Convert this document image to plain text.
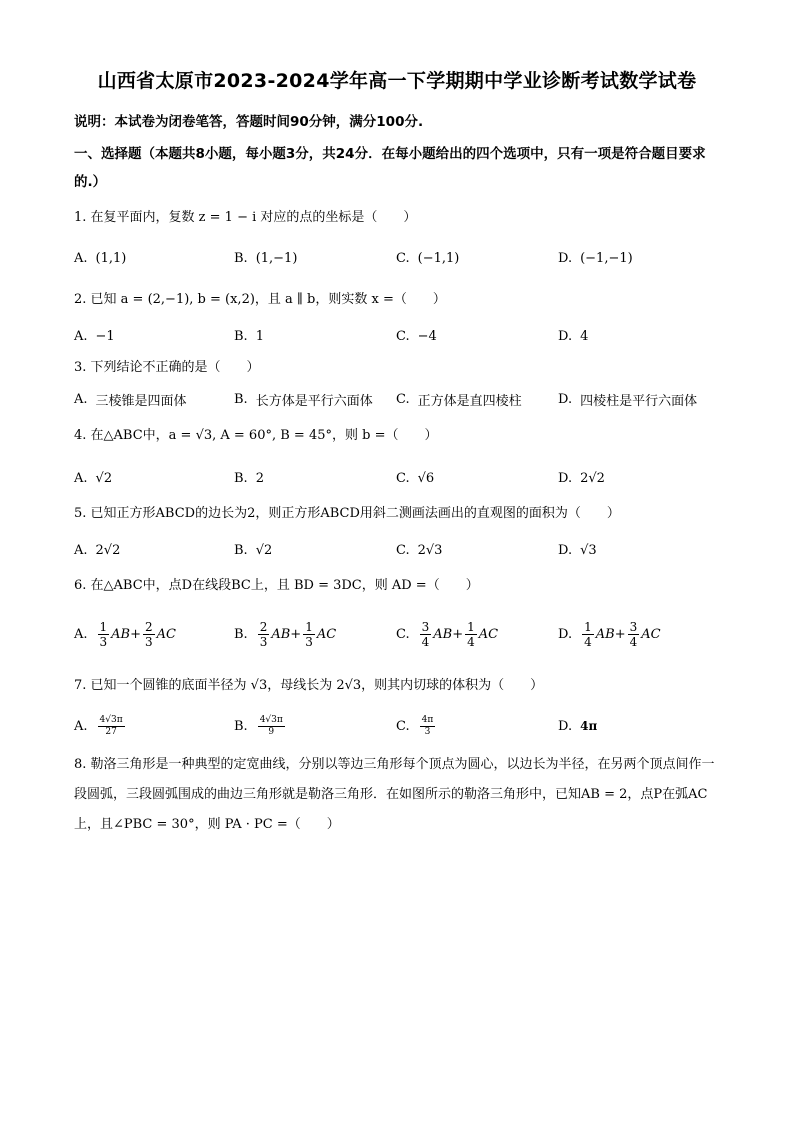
山西省太原市2023-2024学年高一下学期期中学业诊断考试数学试卷
说明：本试卷为闭卷笔答，答题时间90分钟，满分100分.
一、选择题（本题共8小题，每小题3分，共24分．在每小题给出的四个选项中，只有一项是符合题目要求的.）
1. 在复平面内，复数 z = 1 − i 对应的点的坐标是（　　）
A. (1,1)	B. (1,−1)	C. (−1,1)	D. (−1,−1)
2. 已知 a = (2,−1), b = (x,2)，且 a ∥ b，则实数 x =（　　）
A. −1	B. 1	C. −4	D. 4
3. 下列结论不正确的是（　　）
A. 三棱锥是四面体	B. 长方体是平行六面体 C. 正方体是直四棱柱	D. 四棱柱是平行六面体
4. 在△ABC中，a = √3, A = 60°, B = 45°，则 b =（　　）
A. √2	B. 2	C. √6	D. 2√2
5. 已知正方形ABCD的边长为2，则正方形ABCD用斜二测画法画出的直观图的面积为（　　）
A. 2√2	B. √2	C. 2√3	D. √3
6. 在△ABC中，点D在线段BC上，且 BD = 3DC，则 AD =（　　）
A. $\frac{1}{3}$ AB + $\frac{2}{3}$ AC	B. $\frac{2}{3}$ AB + $\frac{1}{3}$ AC	C. $\frac{3}{4}$ AB + $\frac{1}{4}$ AC	D. $\frac{1}{4}$ AB + $\frac{3}{4}$ AC
7. 已知一个圆锥的底面半径为 √3，母线长为 2√3，则其内切球的体积为（　　）
A. $\frac{4√3\pi}{27}$	B. $\frac{4√3\pi}{9}$	C. $\frac{4\pi}{3}$	D. 4π
8. 勒洛三角形是一种典型的定宽曲线，分别以等边三角形每个顶点为圆心，以边长为半径，在另两个顶点间作一段圆弧，三段圆弧围成的曲边三角形就是勒洛三角形．在如图所示的勒洛三角形中，已知AB = 2，点P在弧AC上，且∠PBC = 30°，则 PA · PC =（　　）
